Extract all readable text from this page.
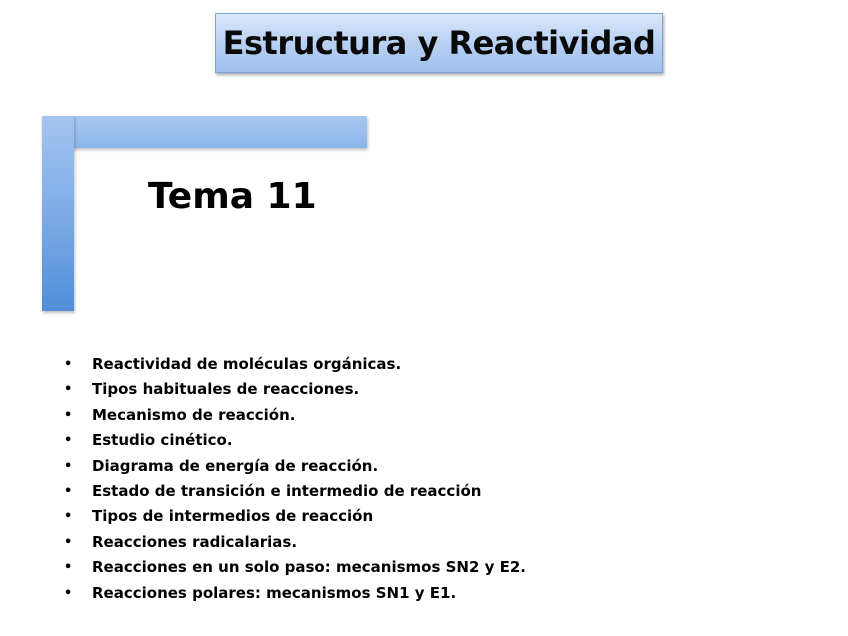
Estructura y Reactividad
Tema 11
• Reactividad de moléculas orgánicas.
• Tipos habituales de reacciones.
• Mecanismo de reacción.
• Estudio cinético.
• Diagrama de energía de reacción.
• Estado de transición e intermedio de reacción
• Tipos de intermedios de reacción
• Reacciones radicalarias.
• Reacciones en un solo paso: mecanismos SN2 y E2.
• Reacciones polares: mecanismos SN1 y E1.
